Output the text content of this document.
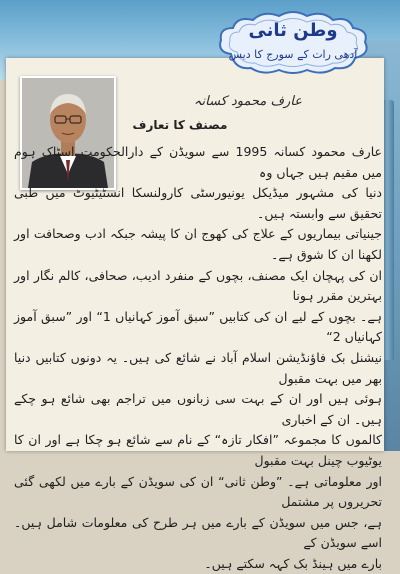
وطن ثانی
آدھی رات کے سورج کا دیس
عارف محمود کسانہ
مصنف کا تعارف

عارف محمود کسانہ 1995 سے سویڈن کے دارالحکومت اسٹاک ہوم میں مقیم ہیں جہاں وہ

دنیا کی مشہور میڈیکل یونیورسٹی کارولنسکا انسٹیٹیوٹ میں طبی تحقیق سے وابستہ ہیں۔

جینیاتی بیماریوں کے علاج کی کھوج ان کا پیشہ جبکہ ادب وصحافت اور لکھنا ان کا شوق ہے۔

ان کی پہچان ایک مصنف، بچوں کے منفرد ادیب، صحافی، کالم نگار اور بہترین مقرر ہونا

ہے۔ بچوں کے لیے ان کی کتابیں ”سبق آموز کہانیاں 1“ اور ”سبق آموز کہانیاں 2“

نیشنل بک فاؤنڈیشن اسلام آباد نے شائع کی ہیں۔ یہ دونوں کتابیں دنیا بھر میں بہت مقبول

ہوئی ہیں اور ان کے بہت سی زبانوں میں تراجم بھی شائع ہو چکے ہیں۔ ان کے اخباری

کالموں کا مجموعہ ”افکار تازہ“ کے نام سے شائع ہو چکا ہے اور ان کا یوٹیوب چینل بہت مقبول

اور معلوماتی ہے۔ ”وطن ثانی“ ان کی سویڈن کے بارے میں لکھی گئی تحریروں پر مشتمل

ہے، جس میں سویڈن کے بارے میں ہر طرح کی معلومات شامل ہیں۔ اسے سویڈن کے

بارے میں ہینڈ بک کہہ سکتے ہیں۔
